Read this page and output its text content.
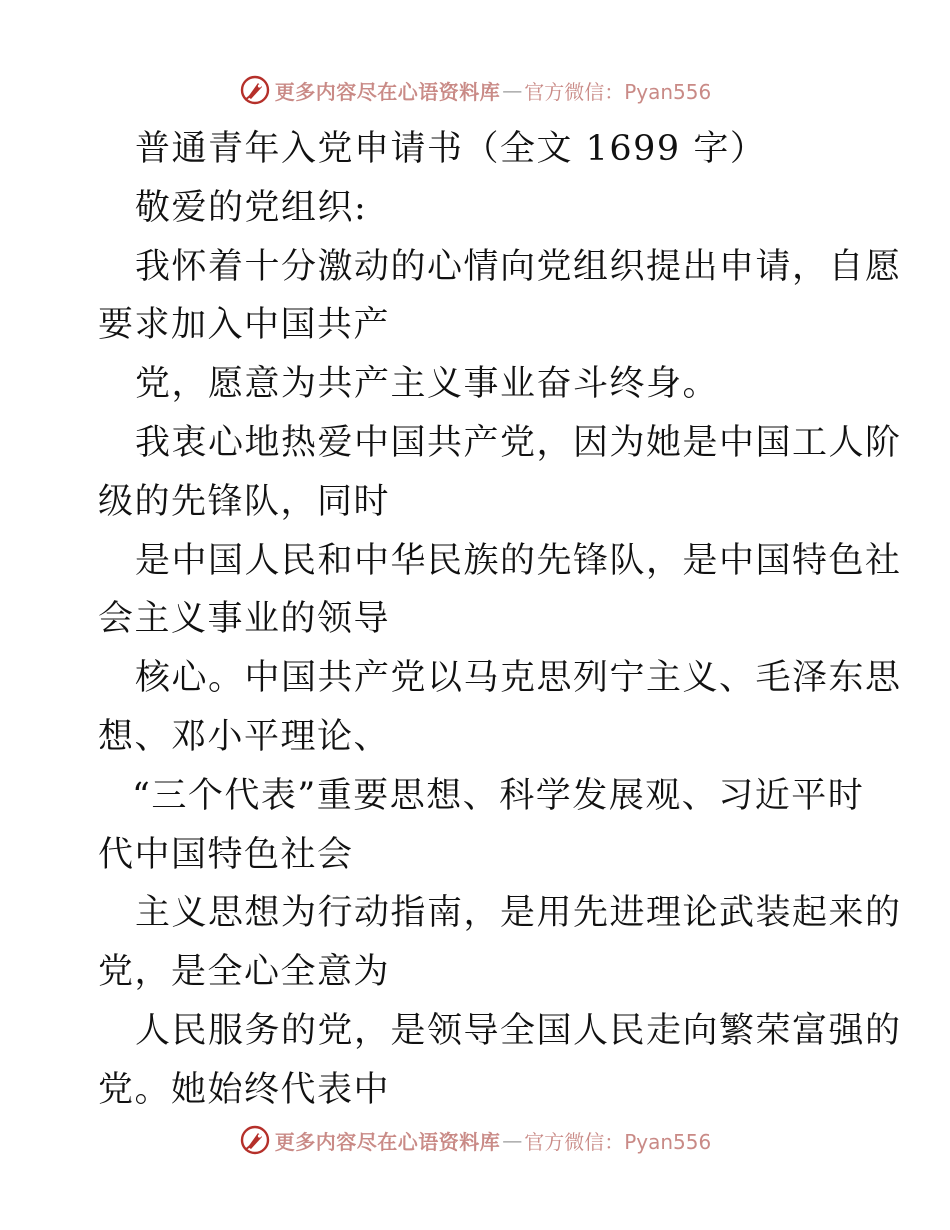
更多内容尽在心语资料库 — 官方微信：Pyan556
普通青年入党申请书（全文 1699 字）
敬爱的党组织:
我怀着十分激动的心情向党组织提出申请，自愿
要求加入中国共产
党，愿意为共产主义事业奋斗终身。
我衷心地热爱中国共产党，因为她是中国工人阶
级的先锋队，同时
是中国人民和中华民族的先锋队，是中国特色社
会主义事业的领导
核心。中国共产党以马克思列宁主义、毛泽东思
想、邓小平理论、
“三个代表”重要思想、科学发展观、习近平时
代中国特色社会
主义思想为行动指南，是用先进理论武装起来的
党，是全心全意为
人民服务的党，是领导全国人民走向繁荣富强的
党。她始终代表中
更多内容尽在心语资料库 — 官方微信：Pyan556
